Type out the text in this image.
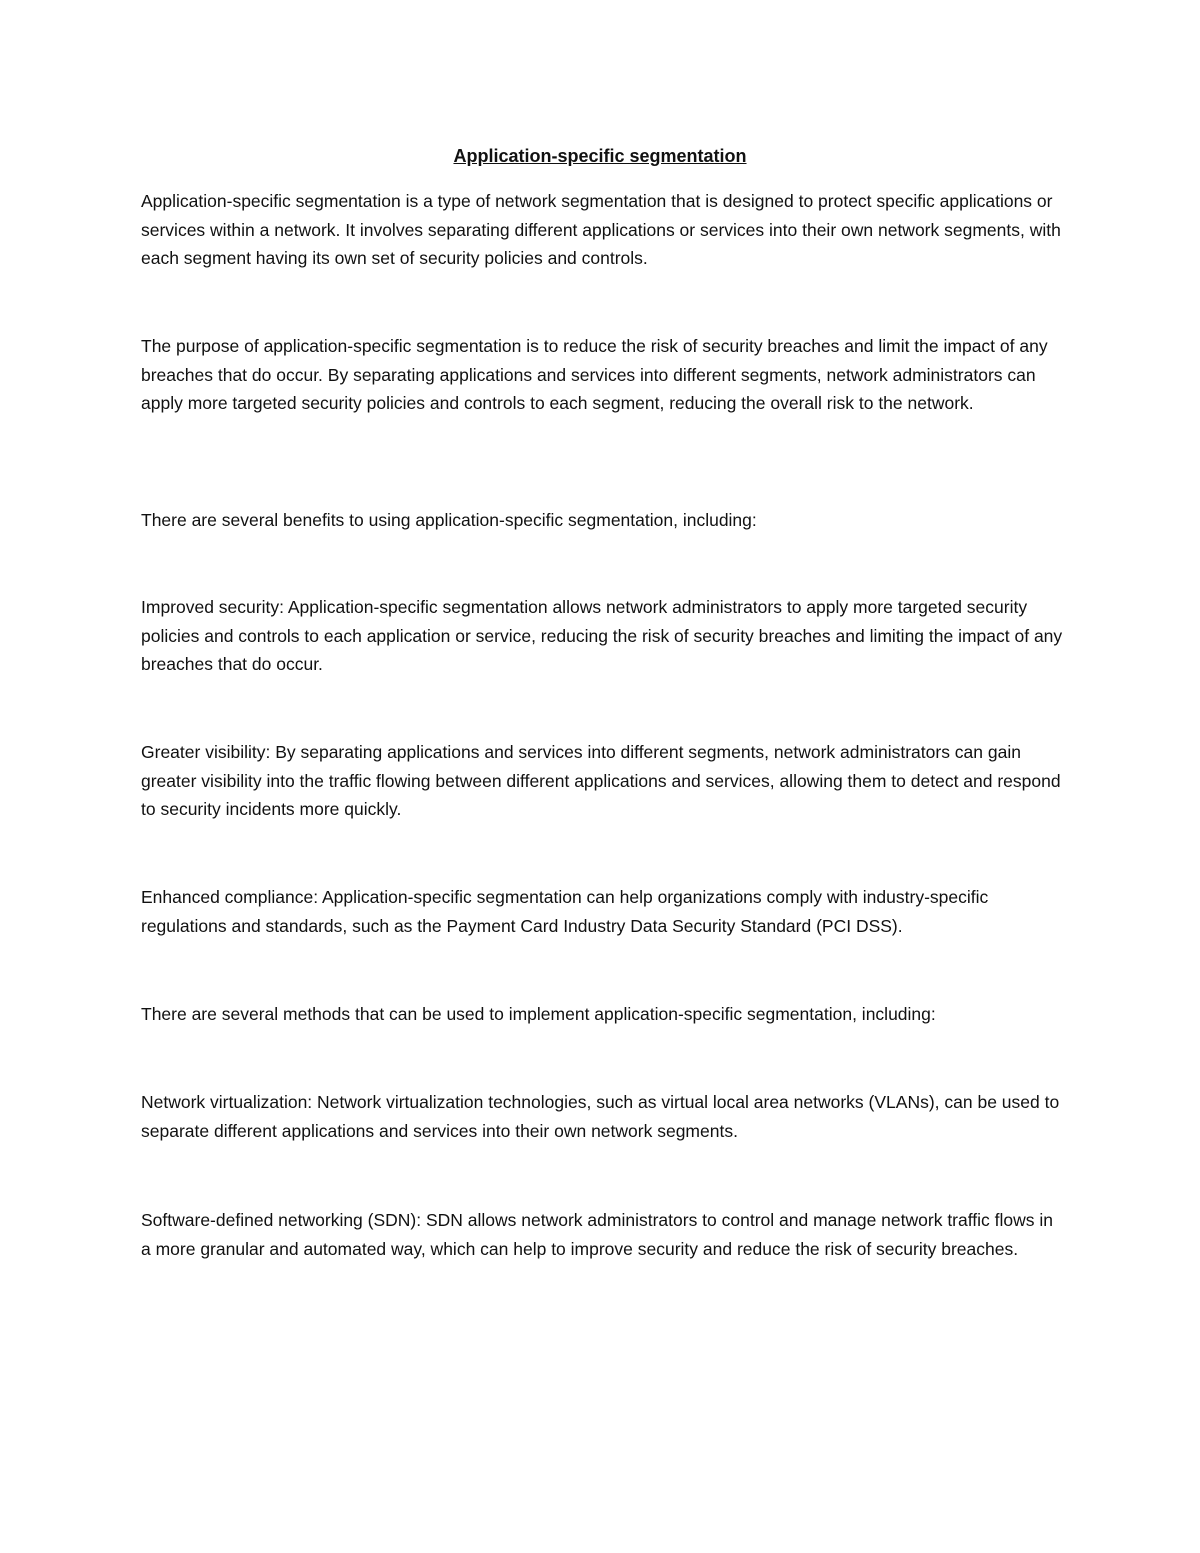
Application-specific segmentation

Application-specific segmentation is a type of network segmentation that is designed to protect specific applications or services within a network. It involves separating different applications or services into their own network segments, with each segment having its own set of security policies and controls.

The purpose of application-specific segmentation is to reduce the risk of security breaches and limit the impact of any breaches that do occur. By separating applications and services into different segments, network administrators can apply more targeted security policies and controls to each segment, reducing the overall risk to the network.

There are several benefits to using application-specific segmentation, including:

Improved security: Application-specific segmentation allows network administrators to apply more targeted security policies and controls to each application or service, reducing the risk of security breaches and limiting the impact of any breaches that do occur.

Greater visibility: By separating applications and services into different segments, network administrators can gain greater visibility into the traffic flowing between different applications and services, allowing them to detect and respond to security incidents more quickly.

Enhanced compliance: Application-specific segmentation can help organizations comply with industry-specific regulations and standards, such as the Payment Card Industry Data Security Standard (PCI DSS).

There are several methods that can be used to implement application-specific segmentation, including:

Network virtualization: Network virtualization technologies, such as virtual local area networks (VLANs), can be used to separate different applications and services into their own network segments.

Software-defined networking (SDN): SDN allows network administrators to control and manage network traffic flows in a more granular and automated way, which can help to improve security and reduce the risk of security breaches.
